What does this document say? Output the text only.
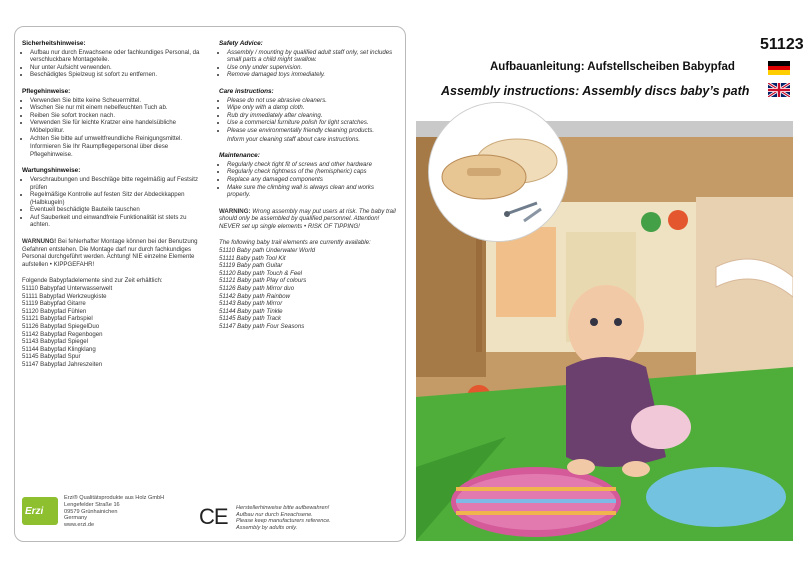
Sicherheitshinweise:
• Aufbau nur durch Erwachsene oder fachkundiges Personal, da verschluckbare Montageteile.
• Nur unter Aufsicht verwenden.
• Beschädigtes Spielzeug ist sofort zu entfernen.
Pflegehinweise:
• Verwenden Sie bitte keine Scheuermittel.
• Wischen Sie nur mit einem nebelfeuchten Tuch ab.
• Reiben Sie sofort trocken nach.
• Verwenden Sie für leichte Kratzer eine handelsübliche Möbelpolitur.
• Achten Sie bitte auf umweltfreundliche Reinigungsmittel.
Informieren Sie Ihr Raumpflegepersonal über diese Pflegehinweise.
Wartungshinweise:
• Verschraubungen und Beschläge bitte regelmäßig auf Festsitz prüfen
• Regelmäßige Kontrolle auf festen Sitz der Abdeckkappen (Halbkugeln)
• Eventuell beschädigte Bauteile tauschen
• Auf Sauberkeit und einwandfreie Funktionalität ist stets zu achten.
WARNUNG! Bei fehlerhafter Montage können bei der Benutzung Gefahren entstehen. Die Montage darf nur durch fachkundiges Personal durchgeführt werden. Achtung! NIE einzelne Elemente aufstellen • KIPPGEFAHR!
Folgende Babypfadelemente sind zur Zeit erhältlich:
51110 Babypfad Unterwasserwelt
51111 Babypfad Werkzeugkiste
51119 Babypfad Gitarre
51120 Babypfad Fühlen
51121 Babypfad Farbspiel
51126 Babypfad SpiegelDuo
51142 Babypfad Regenbogen
51143 Babypfad Spiegel
51144 Babypfad Klingklang
51145 Babypfad Spur
51147 Babypfad Jahreszeiten
Safety Advice:
• Assembly / mounting by qualified adult staff only, set includes small parts a child might swallow.
• Use only under supervision.
• Remove damaged toys immediately.
Care instructions:
• Please do not use abrasive cleaners.
• Wipe only with a damp cloth.
• Rub dry immediately after cleaning.
• Use a commercial furniture polish for light scratches.
• Please use environmentally friendly cleaning products.
Inform your cleaning staff about care instructions.
Maintenance:
• Regularly check tight fit of screws and other hardware
• Regularly check tightness of the (hemispheric) caps
• Replace any damaged components
• Make sure the climbing wall is always clean and works properly.
WARNING: Wrong assembly may put users at risk. The baby trail should only be assembled by qualified personnel. Attention! NEVER set up single elements • RISK OF TIPPING!
The following baby trail elements are currently available:
51110 Baby path Underwater World
51111 Baby path Tool Kit
51119 Baby path Guitar
51120 Baby path Touch & Feel
51121 Baby path Play of colours
51126 Baby path Mirror duo
51142 Baby path Rainbow
51143 Baby path Mirror
51144 Baby path Tinkle
51145 Baby path Track
51147 Baby path Four Seasons
Erzi
Erzi® Qualitätsprodukte aus Holz GmbH
Lengefelder Straße 16
09579 Grünhainichen
Germany
www.erzi.de	CE Herstellerhinweise bitte aufbewahren!
Aufbau nur durch Erwachsene.
Please keep manufacturers reference.
Assembly by adults only.
51123
Aufbauanleitung: Aufstellscheiben Babypfad
Assembly instructions: Assembly discs baby’s path
